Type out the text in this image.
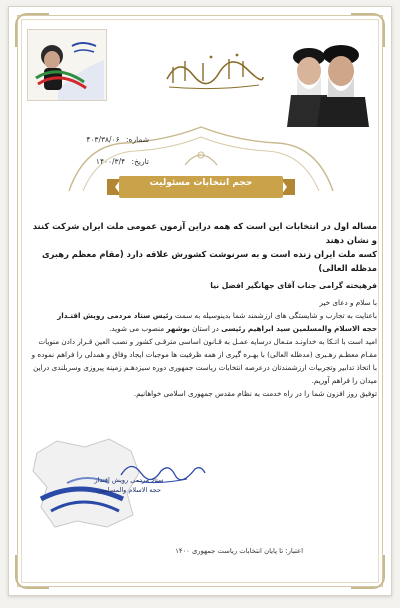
شماره: ۴۰۳/۳۸/۰۶
تاریخ: ۱۴۰۰/۳/۴
حجم انتخابات مسئولیت
مساله اول در انتخابات این است که همه دراین آزمون عمومی ملت ایران شرکت کنند و نشان دهند
کسه ملت ایران زنده است و به سرنوشت کشورش علاقه دارد (مقام معظم رهبری مدظله العالی)

فرهیخته گرامی جناب آقای جهانگیر افضل نیا

با سلام و دعای خیر

باعنایت به تجارب و شایستگی های ارزشمند شما بدینوسیله به سمت رئیس ستاد مردمی رویش اقتـدار
حجه الاسلام والمسلمین سید ابراهیم رئیسی در استان بوشهر منصوب می شوید.

امید است با اتـکا به خداونـد متـعال درسایه عمـل به قـانون اساسی مترقـی کشور و نصب العین قـرار دادن منویات مقـام معظـم رهـبری (مدظله العالی) با بهـره گیری از همه ظرفیت ها موجبات ایجاد وفاق و همدلی را فراهم نموده و با اتخاذ تدابیر وتجربیات ارزشمندتان درعرصه انتخابات ریاست جمهوری دوره سیزدهـم زمینه پیروزی وسربلندی دراین میدان را فراهم آوریم.

توفیق روز افزون شما را در راه خدمت به نظام مقدس جمهوری اسلامی خواهانیم.

ستاد مردمی رویش اقتدار
حجه الاسلام والمسلمین
اعتبار: تا پایان انتخابات ریاست جمهوری ۱۴۰۰
